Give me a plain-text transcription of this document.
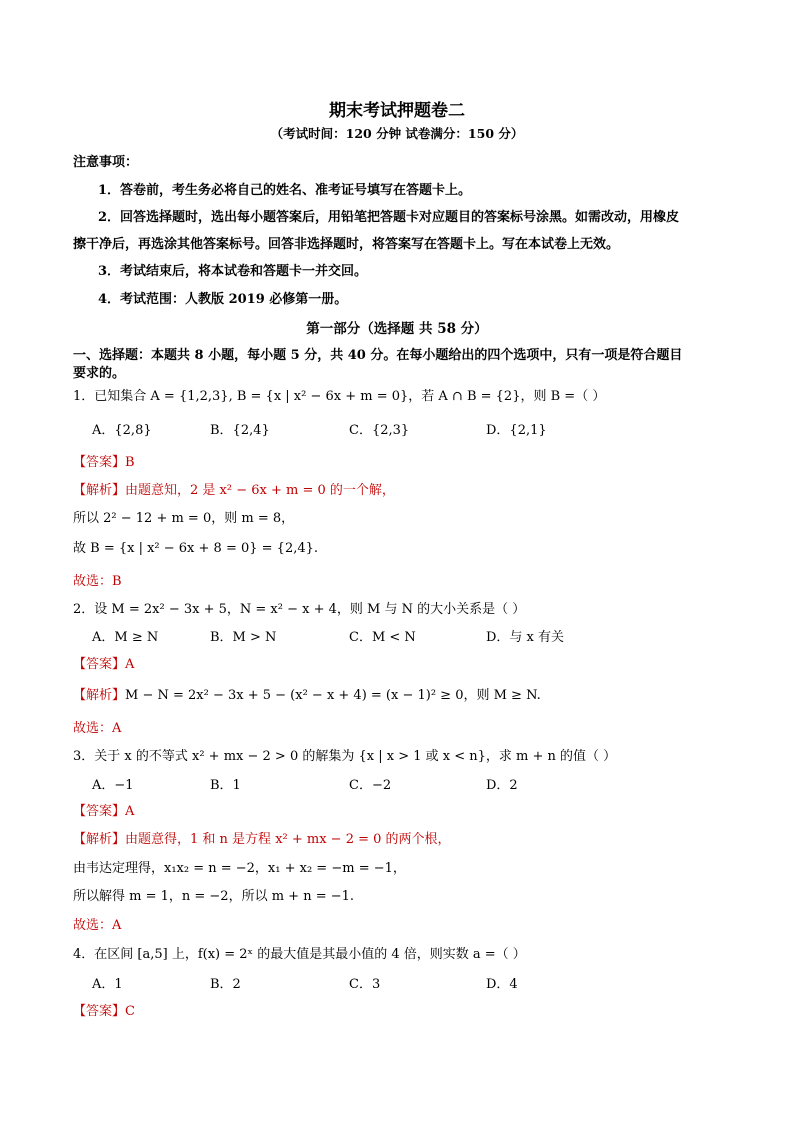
期末考试押题卷二
（考试时间：120 分钟 试卷满分：150 分）
注意事项：
1．答卷前，考生务必将自己的姓名、准考证号填写在答题卡上。
2．回答选择题时，选出每小题答案后，用铅笔把答题卡对应题目的答案标号涂黑。如需改动，用橡皮
擦干净后，再选涂其他答案标号。回答非选择题时，将答案写在答题卡上。写在本试卷上无效。
3．考试结束后，将本试卷和答题卡一并交回。
4．考试范围：人教版 2019 必修第一册。
第一部分（选择题 共 58 分）
一、选择题：本题共 8 小题，每小题 5 分，共 40 分。在每小题给出的四个选项中，只有一项是符合题目
要求的。
1．已知集合 A = {1,2,3}, B = {x | x² − 6x + m = 0}，若 A ∩ B = {2}，则 B =（ ）
A．{2,8}	B．{2,4}	C．{2,3}	D．{2,1}
【答案】B
【解析】由题意知，2 是 x² − 6x + m = 0 的一个解，
所以 2² − 12 + m = 0，则 m = 8，
故 B = {x | x² − 6x + 8 = 0} = {2,4}.
故选：B
2．设 M = 2x² − 3x + 5，N = x² − x + 4，则 M 与 N 的大小关系是（ ）
A．M ≥ N	B．M > N	C．M < N	D．与 x 有关
【答案】A
【解析】M − N = 2x² − 3x + 5 − (x² − x + 4) = (x − 1)² ≥ 0，则 M ≥ N.
故选：A
3．关于 x 的不等式 x² + mx − 2 > 0 的解集为 {x | x > 1 或 x < n}，求 m + n 的值（ ）
A．−1	B．1	C．−2	D．2
【答案】A
【解析】由题意得，1 和 n 是方程 x² + mx − 2 = 0 的两个根，
由韦达定理得，x₁x₂ = n = −2，x₁ + x₂ = −m = −1，
所以解得 m = 1，n = −2，所以 m + n = −1.
故选：A
4．在区间 [a,5] 上，f(x) = 2ˣ 的最大值是其最小值的 4 倍，则实数 a =（ ）
A．1	B．2	C．3	D．4
【答案】C
